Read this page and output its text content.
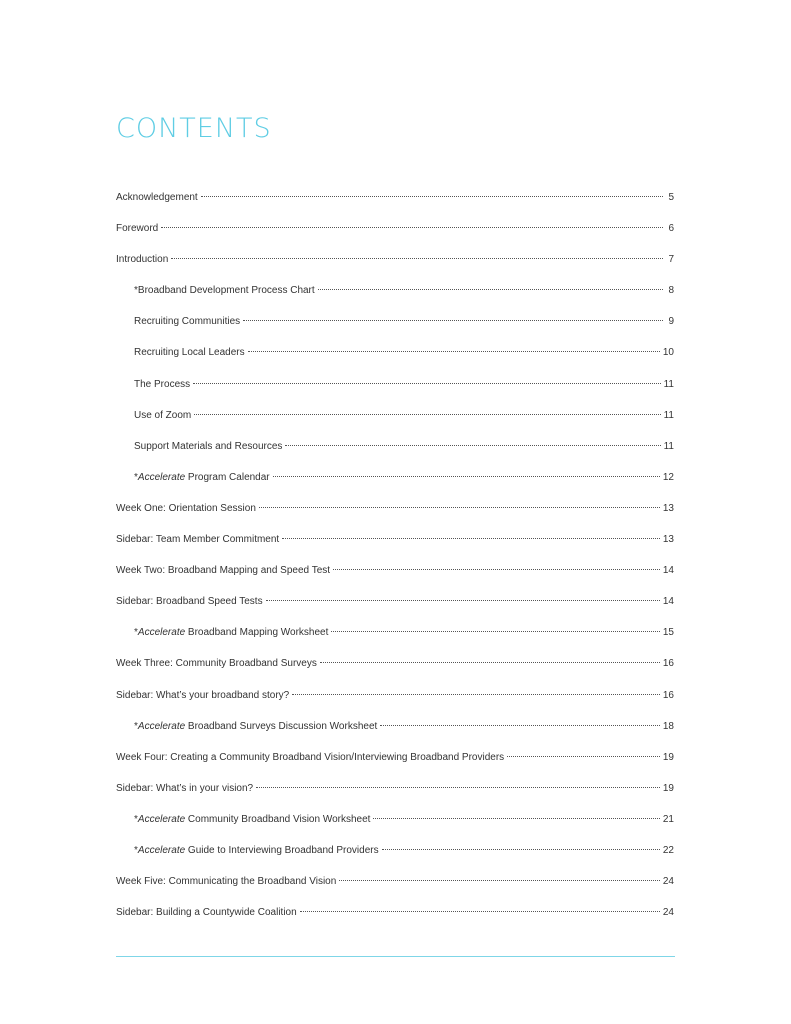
CONTENTS
Acknowledgement	5
Foreword	6
Introduction	7
*Broadband Development Process Chart	8
Recruiting Communities	9
Recruiting Local Leaders	10
The Process	11
Use of Zoom	11
Support Materials and Resources	11
*Accelerate Program Calendar	12
Week One: Orientation Session	13
Sidebar: Team Member Commitment	13
Week Two: Broadband Mapping and Speed Test	14
Sidebar: Broadband Speed Tests	14
*Accelerate Broadband Mapping Worksheet	15
Week Three: Community Broadband Surveys	16
Sidebar: What’s your broadband story?	16
*Accelerate Broadband Surveys Discussion Worksheet	18
Week Four: Creating a Community Broadband Vision/Interviewing Broadband Providers	19
Sidebar: What’s in your vision?	19
*Accelerate Community Broadband Vision Worksheet	21
*Accelerate Guide to Interviewing Broadband Providers	22
Week Five: Communicating the Broadband Vision	24
Sidebar: Building a Countywide Coalition	24
